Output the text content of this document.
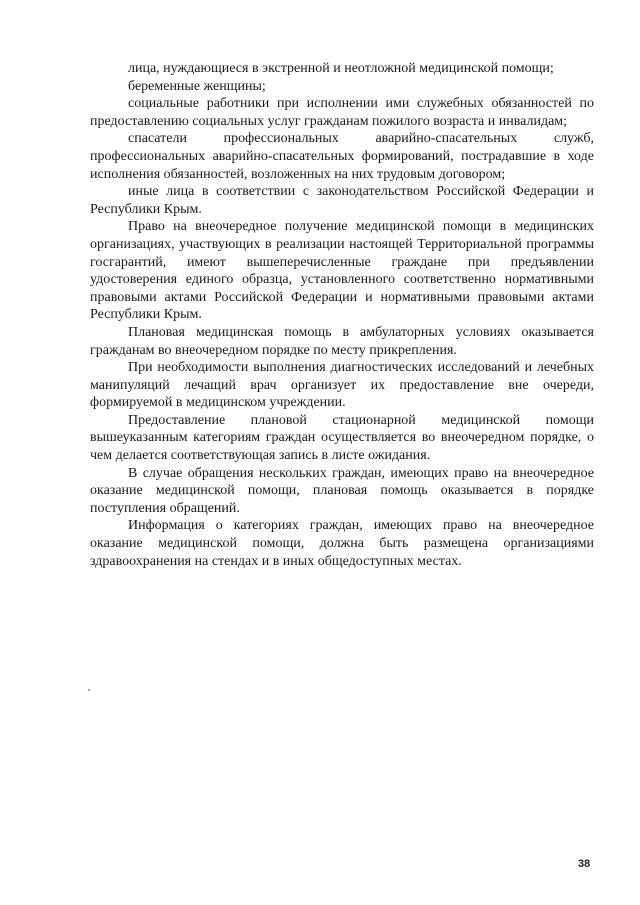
лица, нуждающиеся в экстренной и неотложной медицинской помощи;

беременные женщины;

социальные работники при исполнении ими служебных обязанностей по предоставлению социальных услуг гражданам пожилого возраста и инвалидам;

спасатели профессиональных аварийно-спасательных служб, профессиональных аварийно-спасательных формирований, пострадавшие в ходе исполнения обязанностей, возложенных на них трудовым договором;

иные лица в соответствии с законодательством Российской Федерации и Республики Крым.

Право на внеочередное получение медицинской помощи в медицинских организациях, участвующих в реализации настоящей Территориальной программы госгарантий, имеют вышеперечисленные граждане при предъявлении удостоверения единого образца, установленного соответственно нормативными правовыми актами Российской Федерации и нормативными правовыми актами Республики Крым.

Плановая медицинская помощь в амбулаторных условиях оказывается гражданам во внеочередном порядке по месту прикрепления.

При необходимости выполнения диагностических исследований и лечебных манипуляций лечащий врач организует их предоставление вне очереди, формируемой в медицинском учреждении.

Предоставление плановой стационарной медицинской помощи вышеуказанным категориям граждан осуществляется во внеочередном порядке, о чем делается соответствующая запись в листе ожидания.

В случае обращения нескольких граждан, имеющих право на внеочередное оказание медицинской помощи, плановая помощь оказывается в порядке поступления обращений.

Информация о категориях граждан, имеющих право на внеочередное оказание медицинской помощи, должна быть размещена организациями здравоохранения на стендах и в иных общедоступных местах.

38
